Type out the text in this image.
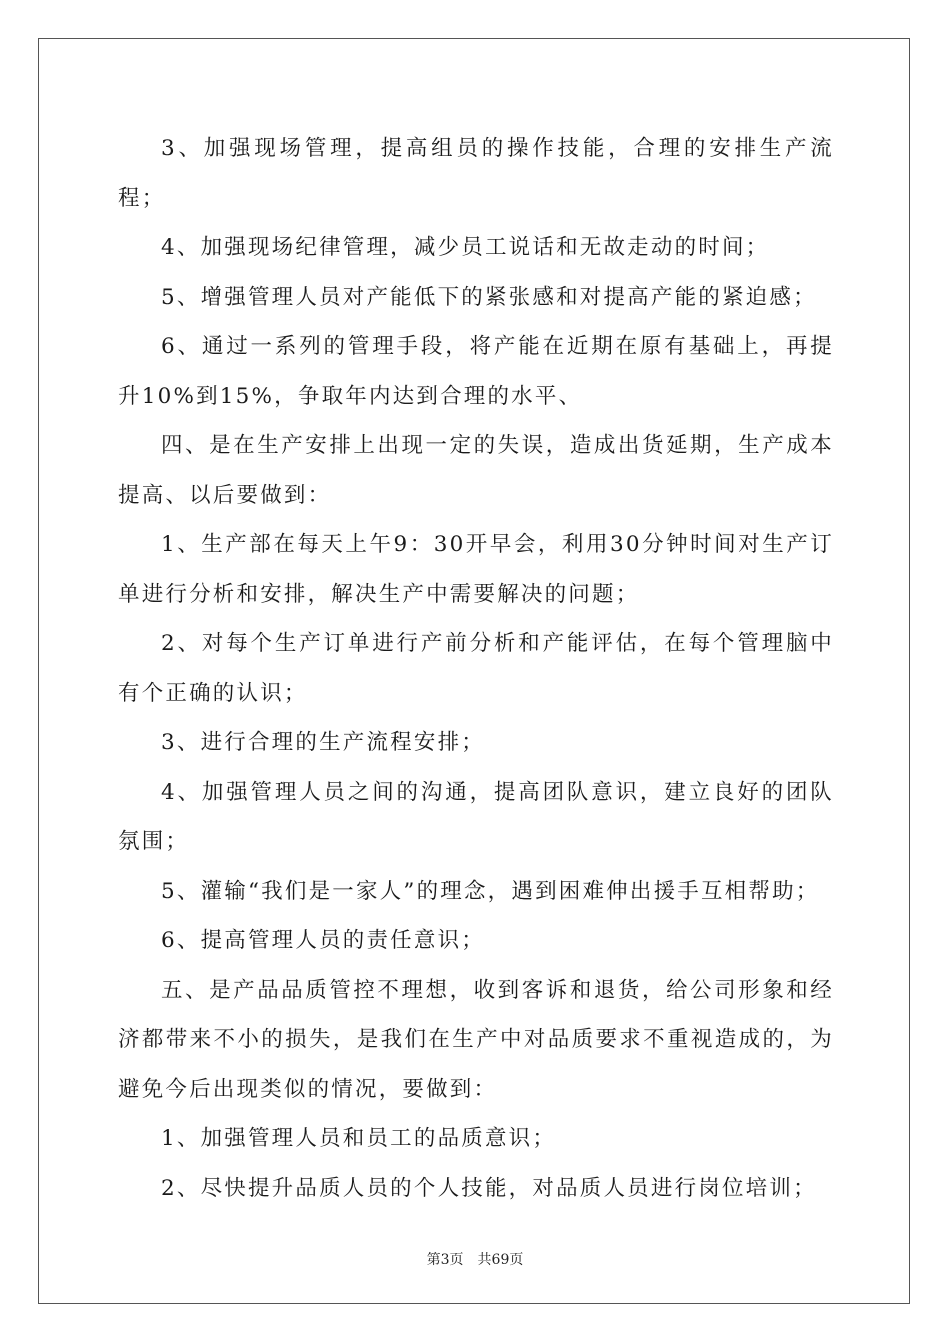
3、加强现场管理，提高组员的操作技能，合理的安排生产流程；

4、加强现场纪律管理，减少员工说话和无故走动的时间；

5、增强管理人员对产能低下的紧张感和对提高产能的紧迫感；

6、通过一系列的管理手段，将产能在近期在原有基础上，再提升10%到15%，争取年内达到合理的水平、

四、是在生产安排上出现一定的失误，造成出货延期，生产成本提高、以后要做到：

1、生产部在每天上午9：30开早会，利用30分钟时间对生产订单进行分析和安排，解决生产中需要解决的问题；

2、对每个生产订单进行产前分析和产能评估，在每个管理脑中有个正确的认识；

3、进行合理的生产流程安排；

4、加强管理人员之间的沟通，提高团队意识，建立良好的团队氛围；

5、灌输“我们是一家人”的理念，遇到困难伸出援手互相帮助；

6、提高管理人员的责任意识；

五、是产品品质管控不理想，收到客诉和退货，给公司形象和经济都带来不小的损失，是我们在生产中对品质要求不重视造成的，为避免今后出现类似的情况，要做到：

1、加强管理人员和员工的品质意识；

2、尽快提升品质人员的个人技能，对品质人员进行岗位培训；

第3页 共69页
